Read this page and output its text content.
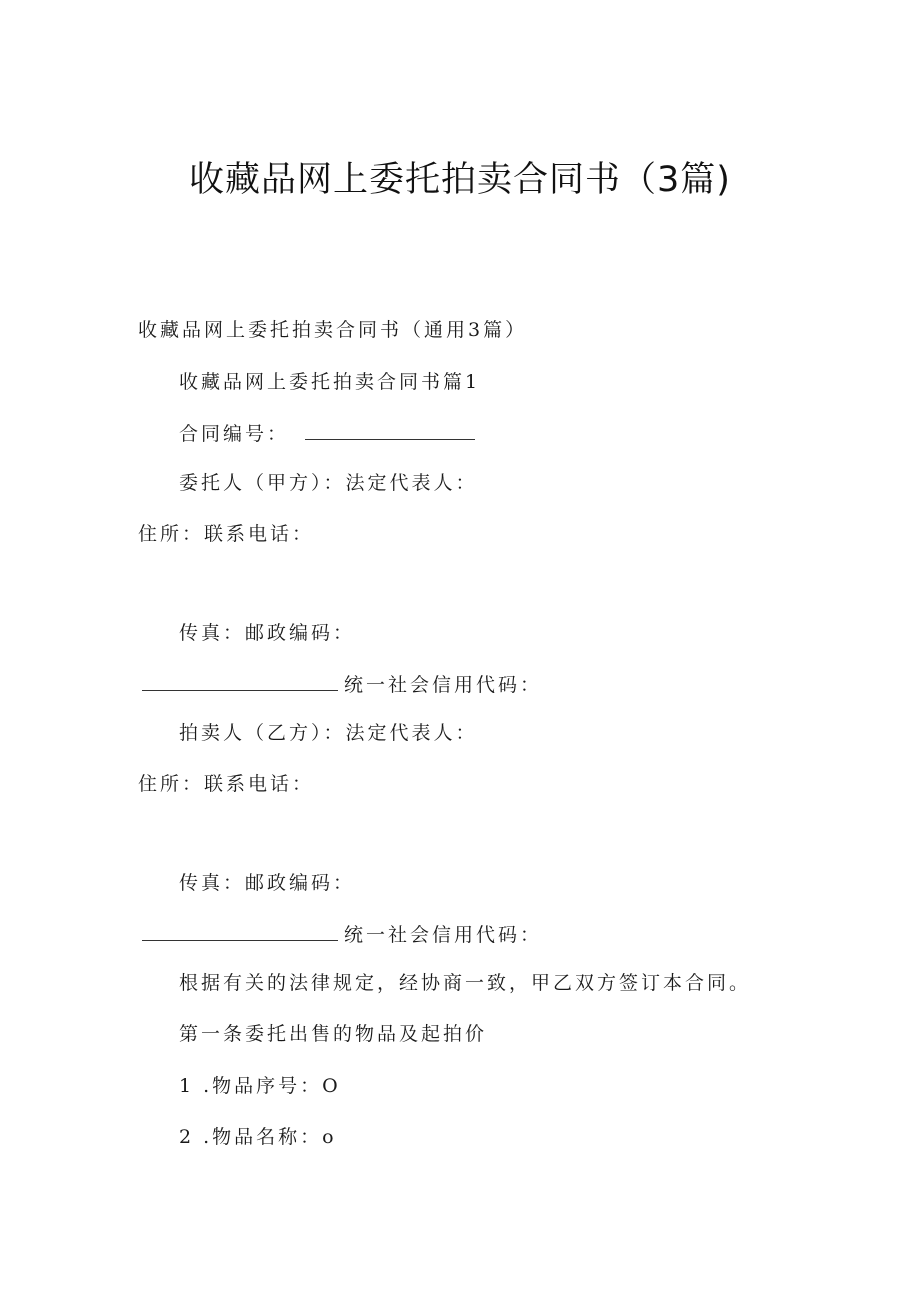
收藏品网上委托拍卖合同书（3篇)
收藏品网上委托拍卖合同书（通用3篇）
收藏品网上委托拍卖合同书篇1
合同编号：
委托人（甲方）：法定代表人：
住所：联系电话：
传真：邮政编码：
统一社会信用代码：
拍卖人（乙方）：法定代表人：
住所：联系电话：
传真：邮政编码：
统一社会信用代码：
根据有关的法律规定，经协商一致，甲乙双方签订本合同。
第一条委托出售的物品及起拍价
1 .物品序号：O
2 .物品名称：o
